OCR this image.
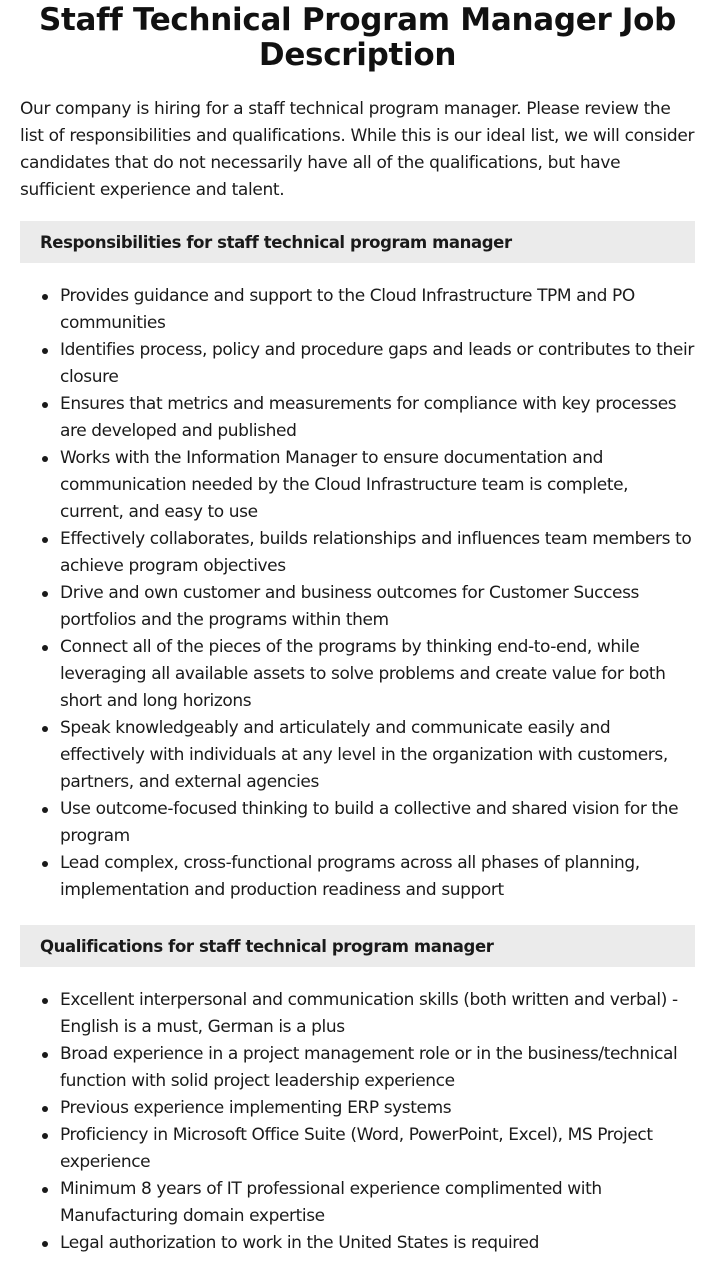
Staff Technical Program Manager Job Description

Our company is hiring for a staff technical program manager. Please review the list of responsibilities and qualifications. While this is our ideal list, we will consider candidates that do not necessarily have all of the qualifications, but have sufficient experience and talent.

Responsibilities for staff technical program manager
Provides guidance and support to the Cloud Infrastructure TPM and PO communities
Identifies process, policy and procedure gaps and leads or contributes to their closure
Ensures that metrics and measurements for compliance with key processes are developed and published
Works with the Information Manager to ensure documentation and communication needed by the Cloud Infrastructure team is complete, current, and easy to use
Effectively collaborates, builds relationships and influences team members to achieve program objectives
Drive and own customer and business outcomes for Customer Success portfolios and the programs within them
Connect all of the pieces of the programs by thinking end-to-end, while leveraging all available assets to solve problems and create value for both short and long horizons
Speak knowledgeably and articulately and communicate easily and effectively with individuals at any level in the organization with customers, partners, and external agencies
Use outcome-focused thinking to build a collective and shared vision for the program
Lead complex, cross-functional programs across all phases of planning, implementation and production readiness and support
Qualifications for staff technical program manager
Excellent interpersonal and communication skills (both written and verbal) - English is a must, German is a plus
Broad experience in a project management role or in the business/technical function with solid project leadership experience
Previous experience implementing ERP systems
Proficiency in Microsoft Office Suite (Word, PowerPoint, Excel), MS Project experience
Minimum 8 years of IT professional experience complimented with Manufacturing domain expertise
Legal authorization to work in the United States is required
